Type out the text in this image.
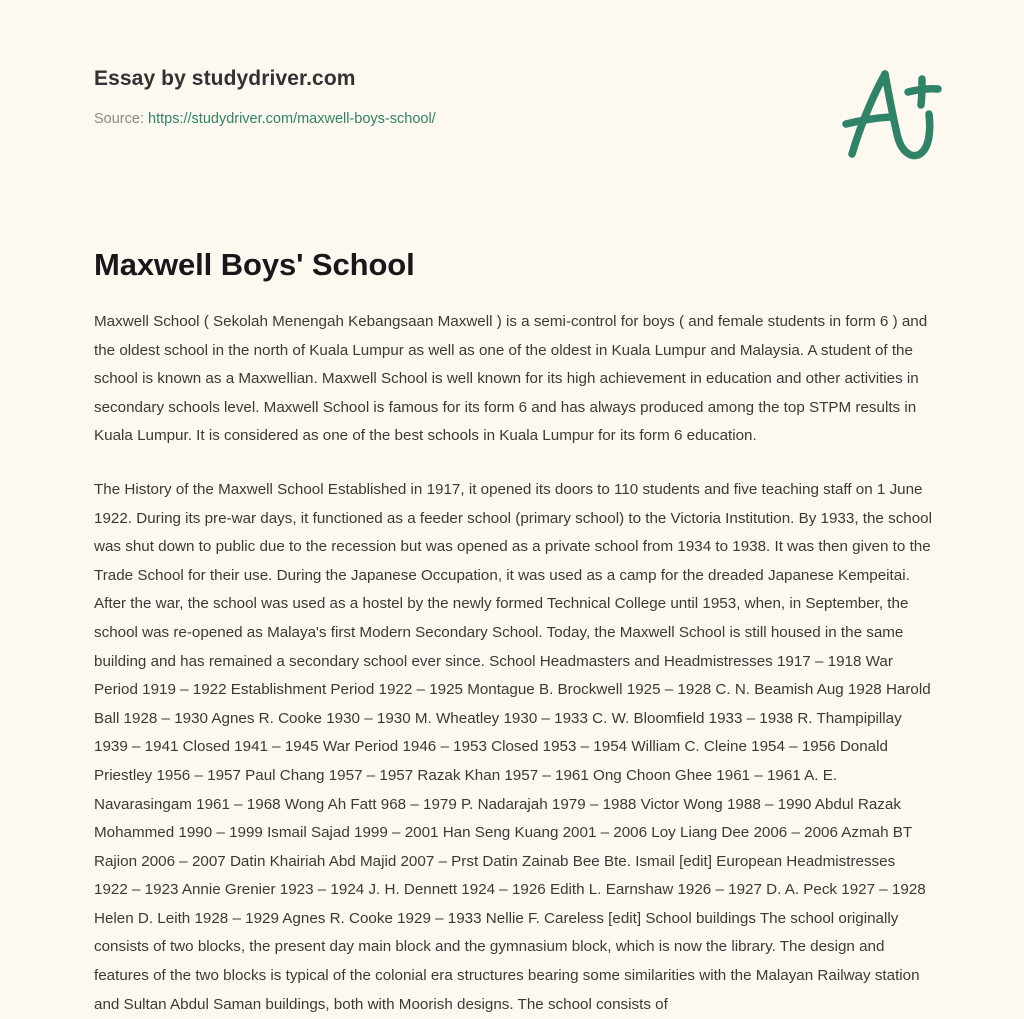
Essay by studydriver.com
Source: https://studydriver.com/maxwell-boys-school/
Maxwell Boys' School

Maxwell School ( Sekolah Menengah Kebangsaan Maxwell ) is a semi-control for boys ( and female students in form 6 ) and the oldest school in the north of Kuala Lumpur as well as one of the oldest in Kuala Lumpur and Malaysia. A student of the school is known as a Maxwellian. Maxwell School is well known for its high achievement in education and other activities in secondary schools level. Maxwell School is famous for its form 6 and has always produced among the top STPM results in Kuala Lumpur. It is considered as one of the best schools in Kuala Lumpur for its form 6 education.

The History of the Maxwell School Established in 1917, it opened its doors to 110 students and five teaching staff on 1 June 1922. During its pre-war days, it functioned as a feeder school (primary school) to the Victoria Institution. By 1933, the school was shut down to public due to the recession but was opened as a private school from 1934 to 1938. It was then given to the Trade School for their use. During the Japanese Occupation, it was used as a camp for the dreaded Japanese Kempeitai. After the war, the school was used as a hostel by the newly formed Technical College until 1953, when, in September, the school was re-opened as Malaya's first Modern Secondary School. Today, the Maxwell School is still housed in the same building and has remained a secondary school ever since. School Headmasters and Headmistresses 1917 – 1918 War Period 1919 – 1922 Establishment Period 1922 – 1925 Montague B. Brockwell 1925 – 1928 C. N. Beamish Aug 1928 Harold Ball 1928 – 1930 Agnes R. Cooke 1930 – 1930 M. Wheatley 1930 – 1933 C. W. Bloomfield 1933 – 1938 R. Thampipillay 1939 – 1941 Closed 1941 – 1945 War Period 1946 – 1953 Closed 1953 – 1954 William C. Cleine 1954 – 1956 Donald Priestley 1956 – 1957 Paul Chang 1957 – 1957 Razak Khan 1957 – 1961 Ong Choon Ghee 1961 – 1961 A. E. Navarasingam 1961 – 1968 Wong Ah Fatt 968 – 1979 P. Nadarajah 1979 – 1988 Victor Wong 1988 – 1990 Abdul Razak Mohammed 1990 – 1999 Ismail Sajad 1999 – 2001 Han Seng Kuang 2001 – 2006 Loy Liang Dee 2006 – 2006 Azmah BT Rajion 2006 – 2007 Datin Khairiah Abd Majid 2007 – Prst Datin Zainab Bee Bte. Ismail [edit] European Headmistresses 1922 – 1923 Annie Grenier 1923 – 1924 J. H. Dennett 1924 – 1926 Edith L. Earnshaw 1926 – 1927 D. A. Peck 1927 – 1928 Helen D. Leith 1928 – 1929 Agnes R. Cooke 1929 – 1933 Nellie F. Careless [edit] School buildings The school originally consists of two blocks, the present day main block and the gymnasium block, which is now the library. The design and features of the two blocks is typical of the colonial era structures bearing some similarities with the Malayan Railway station and Sultan Abdul Saman buildings, both with Moorish designs. The school consists of
